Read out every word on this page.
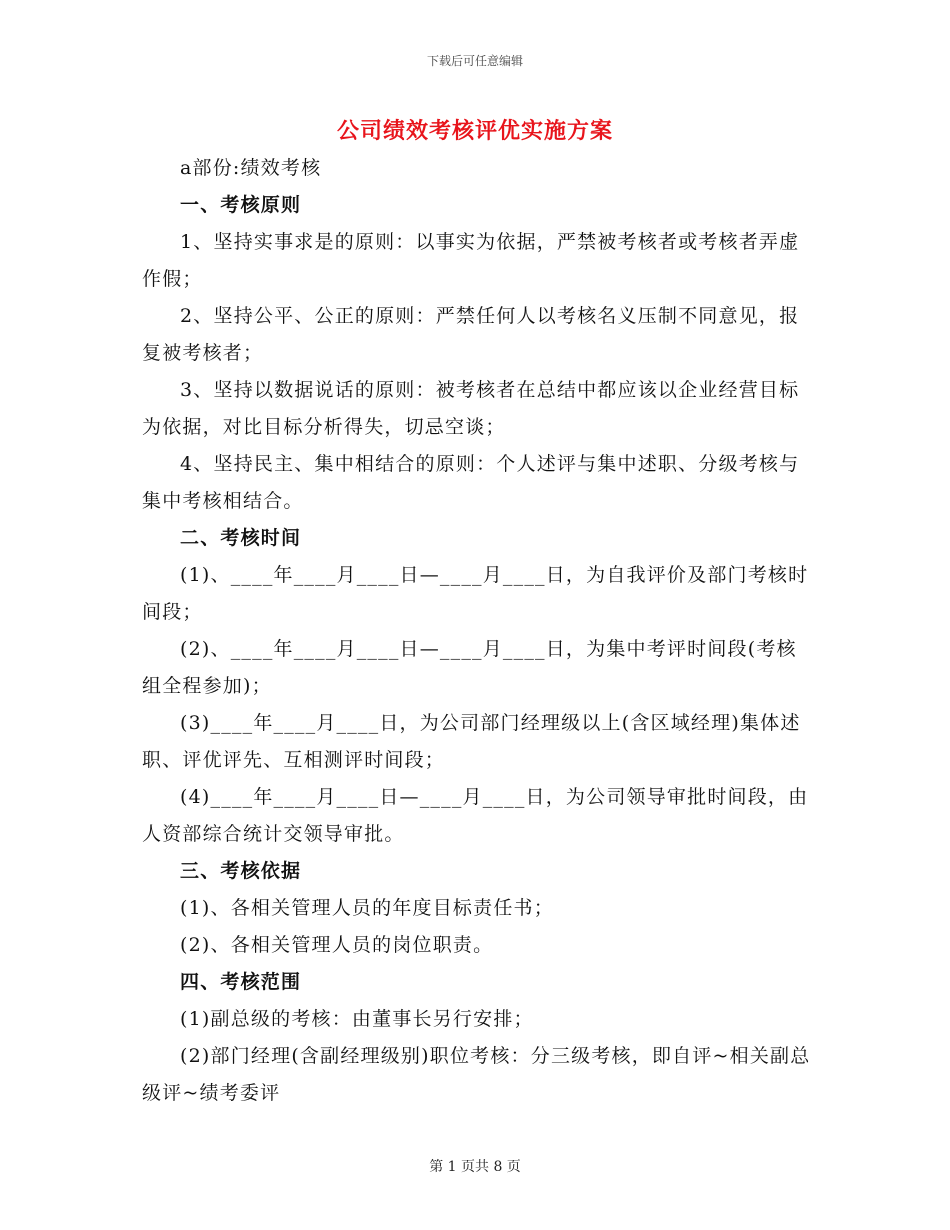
下载后可任意编辑
公司绩效考核评优实施方案

a部份:绩效考核

一、考核原则

1、坚持实事求是的原则：以事实为依据，严禁被考核者或考核者弄虚作假；

2、坚持公平、公正的原则：严禁任何人以考核名义压制不同意见，报复被考核者；

3、坚持以数据说话的原则：被考核者在总结中都应该以企业经营目标为依据，对比目标分析得失，切忌空谈；

4、坚持民主、集中相结合的原则：个人述评与集中述职、分级考核与集中考核相结合。

二、考核时间

(1)、____年____月____日—____月____日，为自我评价及部门考核时间段；

(2)、____年____月____日—____月____日，为集中考评时间段(考核组全程参加)；

(3)____年____月____日，为公司部门经理级以上(含区域经理)集体述职、评优评先、互相测评时间段；

(4)____年____月____日—____月____日，为公司领导审批时间段，由人资部综合统计交领导审批。

三、考核依据

(1)、各相关管理人员的年度目标责任书；

(2)、各相关管理人员的岗位职责。

四、考核范围

(1)副总级的考核：由董事长另行安排；

(2)部门经理(含副经理级别)职位考核：分三级考核，即自评~相关副总级评~绩考委评

第 1 页共 8 页
